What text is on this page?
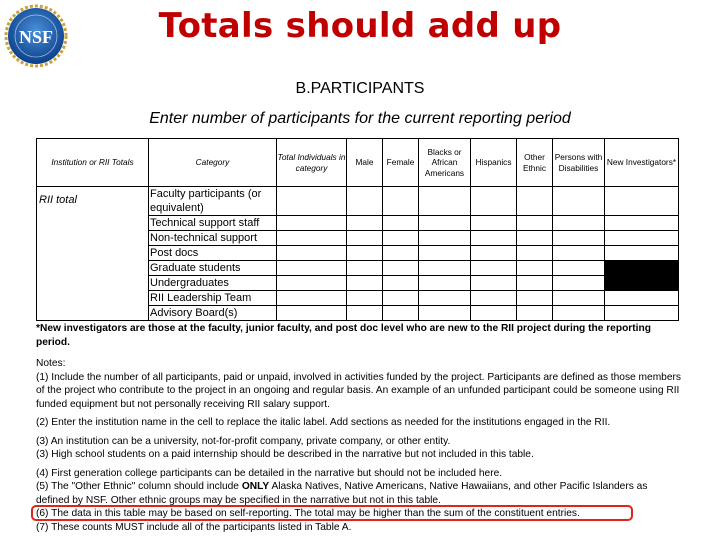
NSF	Totals should add up
B.PARTICIPANTS
Enter number of participants for the current reporting period
Institution or RII Totals	Category	Total Individuals in category	Male	Female	Blacks or African Americans	Hispanics	Other Ethnic	Persons with Disabilities	New Investigators*
RII total	Faculty participants (or equivalent)								
	Technical support staff								
	Non-technical support								
	Post docs								
	Graduate students								
	Undergraduates								
	RII Leadership Team								
	Advisory Board(s)								
*New investigators are those at the faculty, junior faculty, and post doc level who are new to the RII project during the reporting period.

Notes:

(1) Include the number of all participants, paid or unpaid, involved in activities funded by the project. Participants are defined as those members of the project who contribute to the project in an ongoing and regular basis. An example of an unfunded participant could be someone using RII funded equipment but not personally receiving RII salary support.

(2) Enter the institution name in the cell to replace the italic label. Add sections as needed for the institutions engaged in the RII.

(3) An institution can be a university, not-for-profit company, private company, or other entity.

(3) High school students on a paid internship should be described in the narrative but not included in this table.

(4) First generation college participants can be detailed in the narrative but should not be included here.

(5) The "Other Ethnic" column should include ONLY Alaska Natives, Native Americans, Native Hawaiians, and other Pacific Islanders as defined by NSF. Other ethnic groups may be specified in the narrative but not in this table.

(6) The data in this table may be based on self-reporting. The total may be higher than the sum of the constituent entries.

(7) These counts MUST include all of the participants listed in Table A.
